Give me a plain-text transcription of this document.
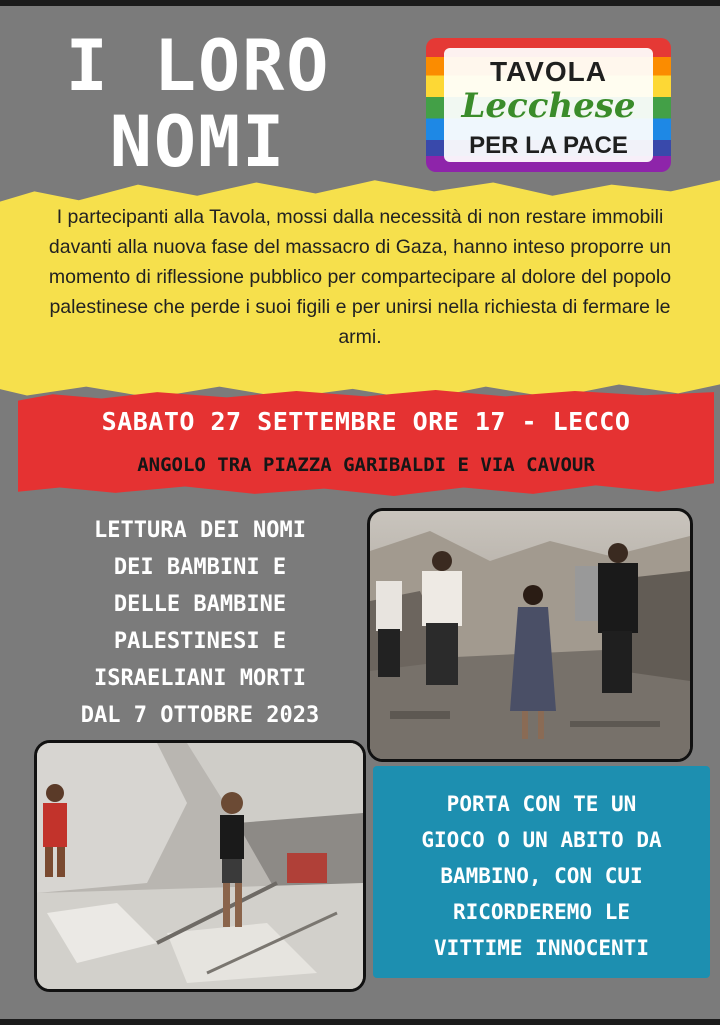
I LORO
NOMI
TAVOLA
Lecchese
PER LA PACE
I partecipanti alla Tavola, mossi dalla necessità di non restare immobili davanti alla nuova fase del massacro di Gaza, hanno inteso proporre un momento di riflessione pubblico per compartecipare al dolore del popolo palestinese che perde i suoi figili e per unirsi nella richiesta di fermare le armi.
SABATO 27 SETTEMBRE ORE 17 - LECCO
ANGOLO TRA PIAZZA GARIBALDI E VIA CAVOUR
LETTURA DEI NOMI
DEI BAMBINI E
DELLE BAMBINE
PALESTINESI E
ISRAELIANI MORTI
DAL 7 OTTOBRE 2023
PORTA CON TE UN
GIOCO O UN ABITO DA
BAMBINO, CON CUI
RICORDEREMO LE
VITTIME INNOCENTI
